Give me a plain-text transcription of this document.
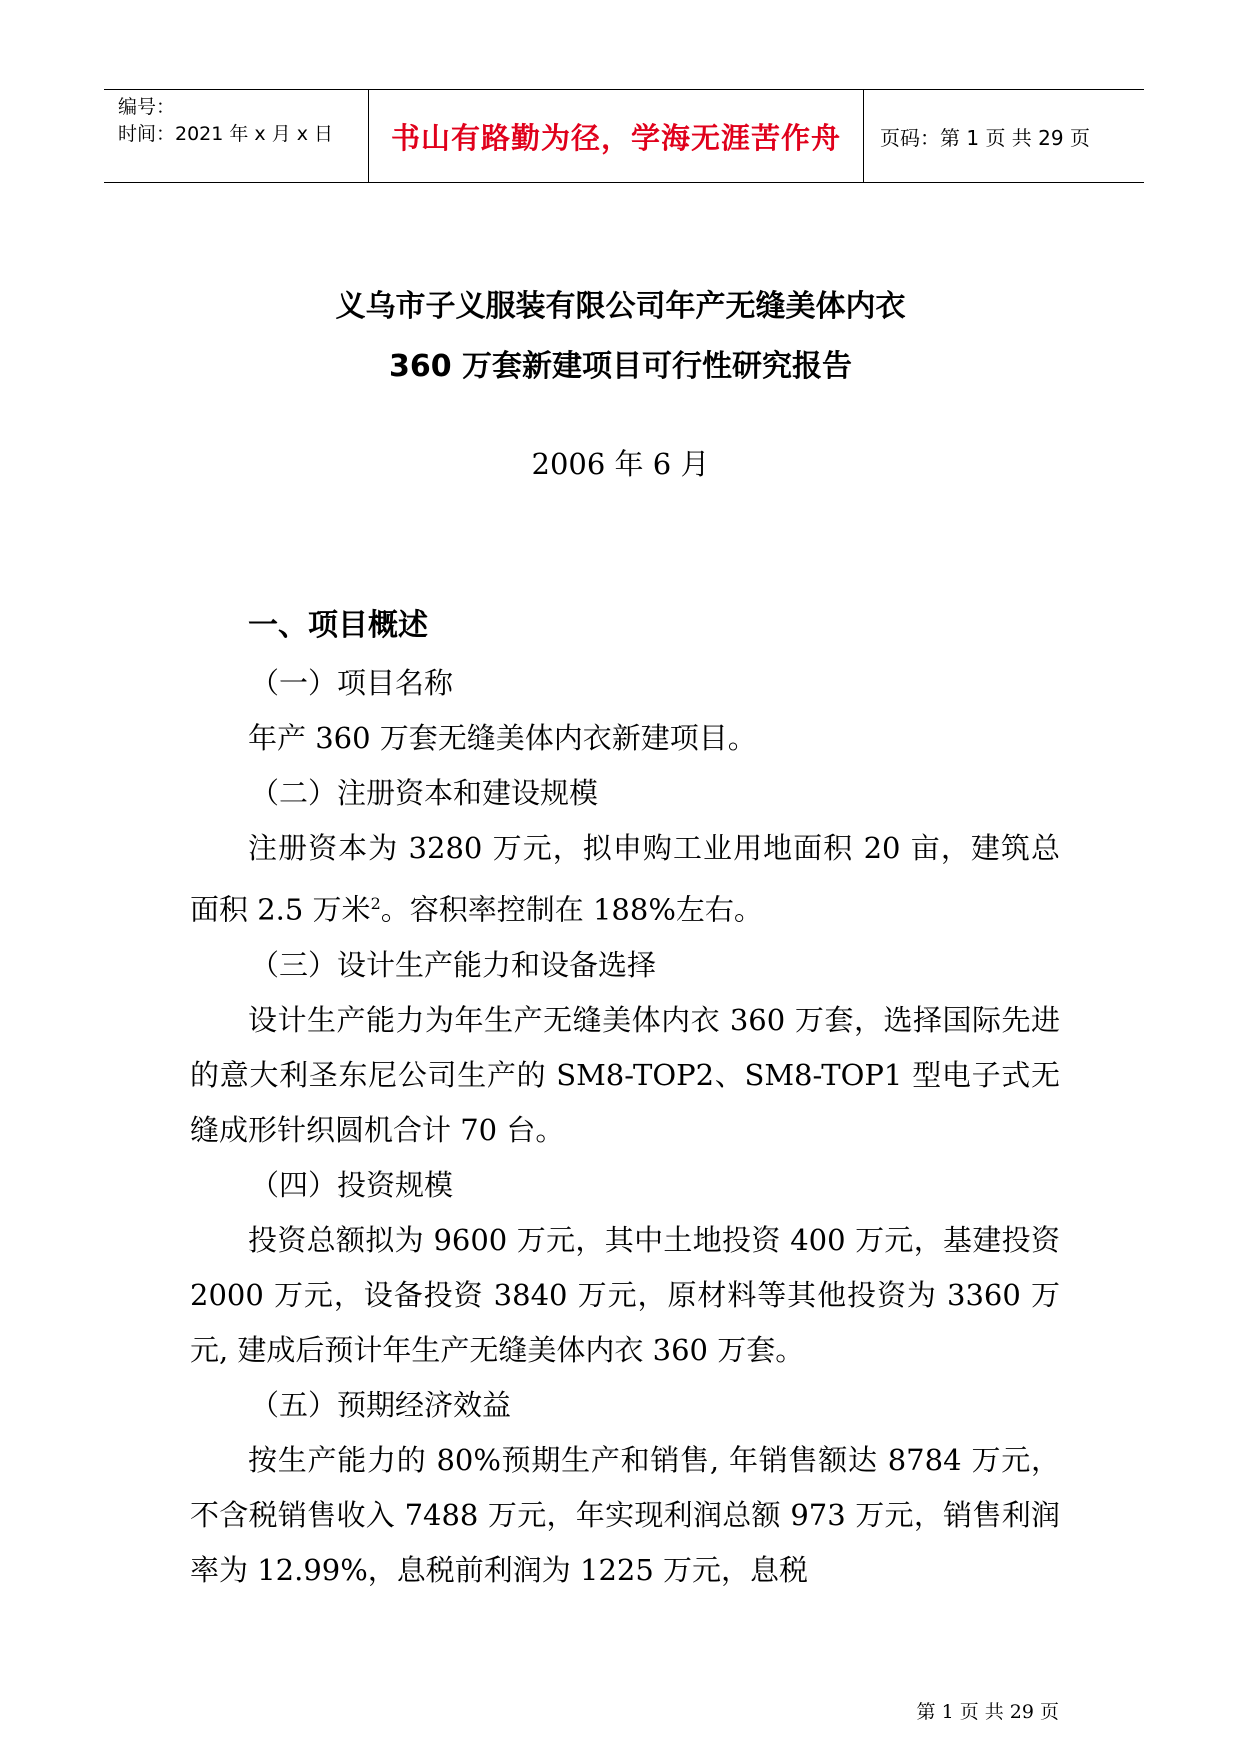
编号：
时间：2021 年 x 月 x 日	书山有路勤为径，学海无涯苦作舟 页码：第 1 页 共 29 页
义乌市子义服装有限公司年产无缝美体内衣
360 万套新建项目可行性研究报告
2006 年 6 月
一、项目概述
（一）项目名称
年产 360 万套无缝美体内衣新建项目。
（二）注册资本和建设规模
注册资本为 3280 万元，拟申购工业用地面积 20 亩，建筑总面积 2.5 万米$^2$。容积率控制在 188%左右。
（三）设计生产能力和设备选择
设计生产能力为年生产无缝美体内衣 360 万套，选择国际先进的意大利圣东尼公司生产的 SM8-TOP2、SM8-TOP1 型电子式无缝成形针织圆机合计 70 台。
（四）投资规模
投资总额拟为 9600 万元，其中土地投资 400 万元，基建投资 2000 万元，设备投资 3840 万元，原材料等其他投资为 3360 万元, 建成后预计年生产无缝美体内衣 360 万套。
（五）预期经济效益
按生产能力的 80%预期生产和销售, 年销售额达 8784 万元，不含税销售收入 7488 万元，年实现利润总额 973 万元，销售利润率为 12.99%，息税前利润为 1225 万元，息税
第 1 页 共 29 页
